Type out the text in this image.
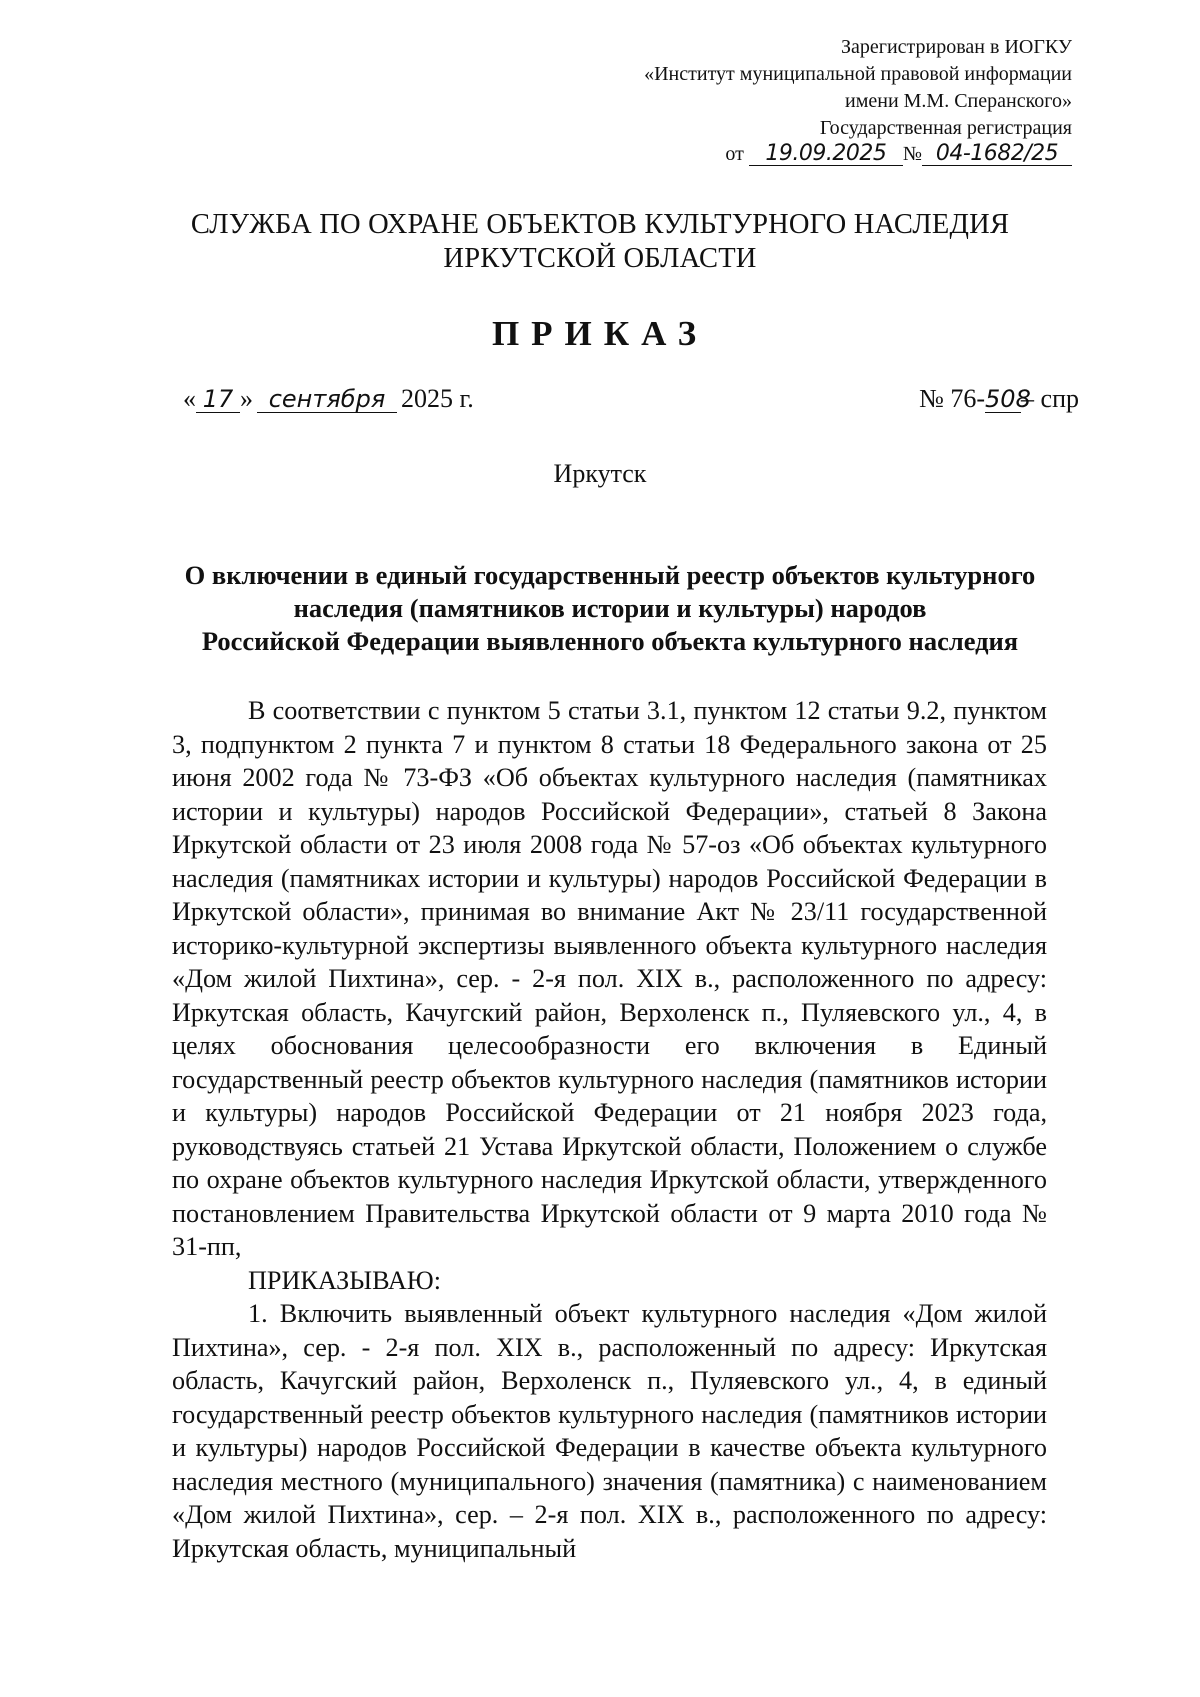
Зарегистрирован в ИОГКУ
«Институт муниципальной правовой информации
имени М.М. Сперанского»
Государственная регистрация
от 19.09.2025 № 04-1682/25
СЛУЖБА ПО ОХРАНЕ ОБЪЕКТОВ КУЛЬТУРНОГО НАСЛЕДИЯ
ИРКУТСКОЙ ОБЛАСТИ
ПРИКАЗ
« 17 » сентября 2025 г.	№ 76-508– спр
Иркутск
О включении в единый государственный реестр объектов культурного
наследия (памятников истории и культуры) народов
Российской Федерации выявленного объекта культурного наследия

В соответствии с пунктом 5 статьи 3.1, пунктом 12 статьи 9.2, пунктом 3, подпунктом 2 пункта 7 и пунктом 8 статьи 18 Федерального закона от 25 июня 2002 года № 73-ФЗ «Об объектах культурного наследия (памятниках истории и культуры) народов Российской Федерации», статьей 8 Закона Иркутской области от 23 июля 2008 года № 57-оз «Об объектах культурного наследия (памятниках истории и культуры) народов Российской Федерации в Иркутской области», принимая во внимание Акт № 23/11 государственной историко-культурной экспертизы выявленного объекта культурного наследия «Дом жилой Пихтина», сер. - 2-я пол. XIX в., расположенного по адресу: Иркутская область, Качугский район, Верхоленск п., Пуляевского ул., 4, в целях обоснования целесообразности его включения в Единый государственный реестр объектов культурного наследия (памятников истории и культуры) народов Российской Федерации от 21 ноября 2023 года, руководствуясь статьей 21 Устава Иркутской области, Положением о службе по охране объектов культурного наследия Иркутской области, утвержденного постановлением Правительства Иркутской области от 9 марта 2010 года № 31-пп,

ПРИКАЗЫВАЮ:

1. Включить выявленный объект культурного наследия «Дом жилой Пихтина», сер. - 2-я пол. XIX в., расположенный по адресу: Иркутская область, Качугский район, Верхоленск п., Пуляевского ул., 4, в единый государственный реестр объектов культурного наследия (памятников истории и культуры) народов Российской Федерации в качестве объекта культурного наследия местного (муниципального) значения (памятника) с наименованием «Дом жилой Пихтина», сер. – 2-я пол. XIX в., расположенного по адресу: Иркутская область, муниципальный
